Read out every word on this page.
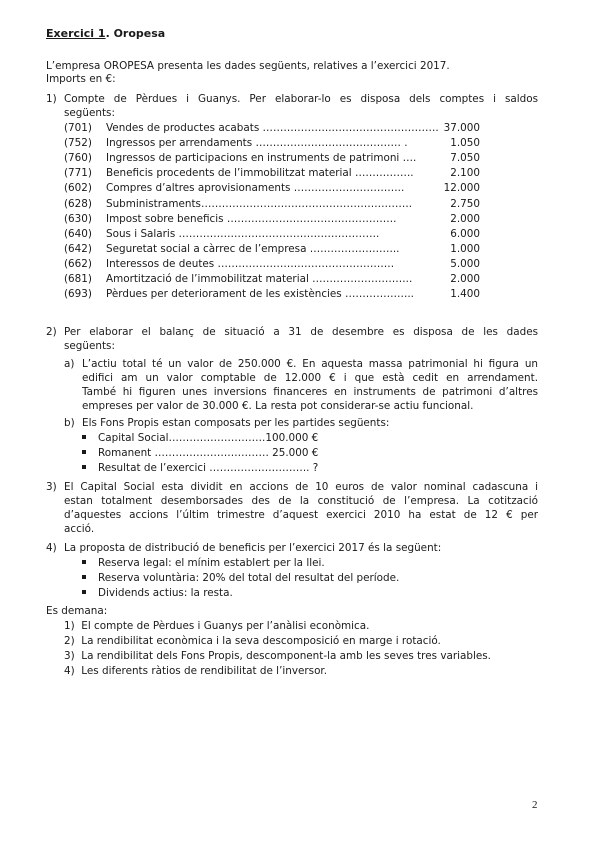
Exercici 1. Oropesa
L’empresa OROPESA presenta les dades següents, relatives a l’exercici 2017.
Imports en €:
1) Compte de Pèrdues i Guanys. Per elaborar-lo es disposa dels comptes i saldos
següents:
(701) Vendes de productes acabats ………………..…………………………. 37.000
(752) Ingressos per arrendaments …………………………………… .	1.050
(760) Ingressos de participacions en instruments de patrimoni ….	7.050
(771) Beneficis procedents de l’immobilitzat material ……………..	2.100
(602) Compres d’altres aprovisionaments …………………………..	12.000
(628) Subministraments…………………………………………………….	2.750
(630) Impost sobre beneficis ………………………………………….	2.000
(640) Sous i Salaris ………………………………………………….	6.000
(642) Seguretat social a càrrec de l’empresa ……………………..	1.000
(662) Interessos de deutes ……………………………………………	5.000
(681) Amortització de l’immobilitzat material ………………………..	2.000
(693) Pèrdues per deteriorament de les existències ………………..	1.400
2) Per elaborar el balanç de situació a 31 de desembre es disposa de les dades
següents:
a) L’actiu total té un valor de 250.000 €. En aquesta massa patrimonial hi figura un
edifici am un valor comptable de 12.000 € i que està cedit en arrendament.
També hi figuren unes inversions financeres en instruments de patrimoni d’altres
empreses per valor de 30.000 €. La resta pot considerar-se actiu funcional.
b) Els Fons Propis estan composats per les partides següents:
Capital Social……………………….100.000 €
Romanent …………………………… 25.000 €
Resultat de l’exercici ……………………….. ?
3) El Capital Social esta dividit en accions de 10 euros de valor nominal cadascuna i
estan totalment desemborsades des de la constitució de l’empresa. La cotització
d’aquestes accions l’últim trimestre d’aquest exercici 2010 ha estat de 12 € per
acció.
4) La proposta de distribució de beneficis per l’exercici 2017 és la següent:
Reserva legal: el mínim establert per la llei.
Reserva voluntària: 20% del total del resultat del període.
Dividends actius: la resta.
Es demana:
1) El compte de Pèrdues i Guanys per l’anàlisi econòmica.
2) La rendibilitat econòmica i la seva descomposició en marge i rotació.
3) La rendibilitat dels Fons Propis, descomponent-la amb les seves tres variables.
4) Les diferents ràtios de rendibilitat de l’inversor.
2
